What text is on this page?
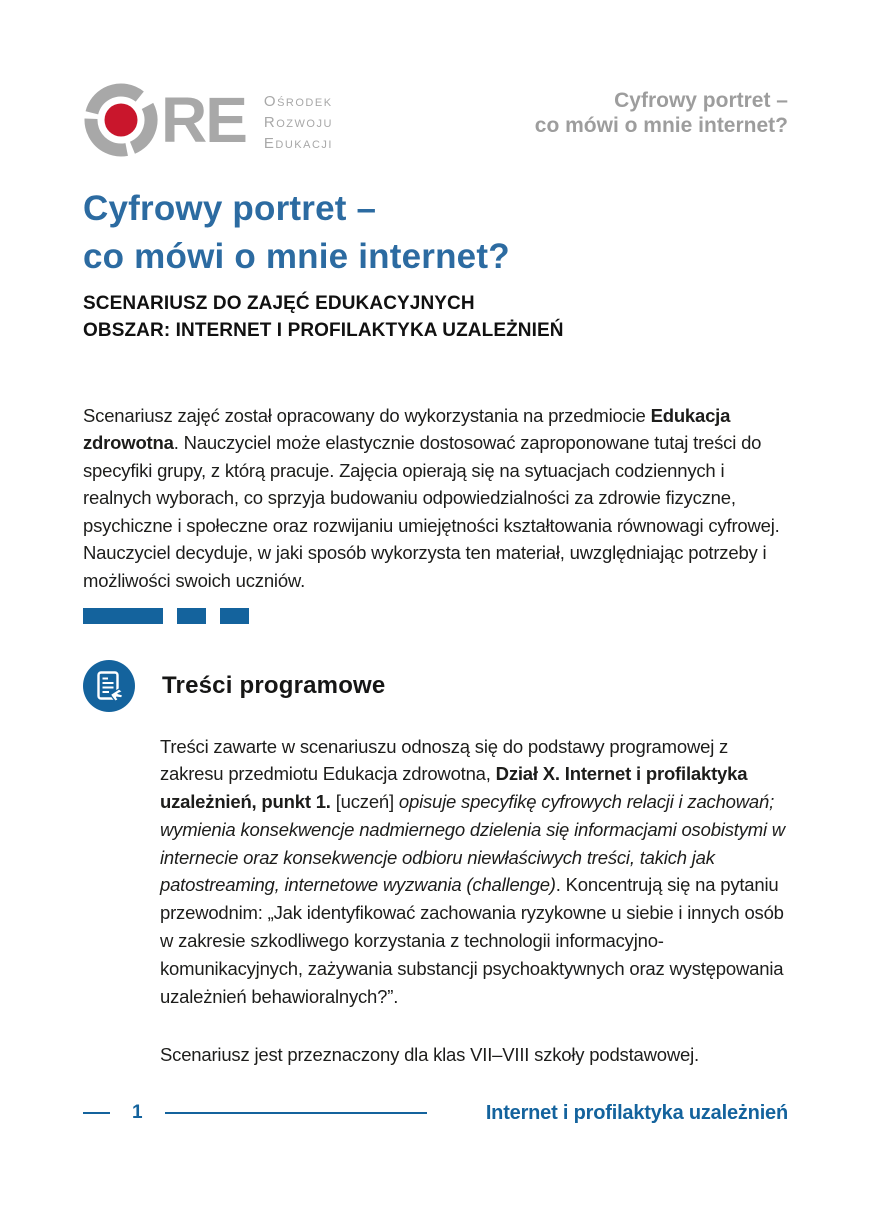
RE Ośrodek
Rozwoju
Edukacji
Cyfrowy portret –
co mówi o mnie internet?
Cyfrowy portret –
co mówi o mnie internet?
SCENARIUSZ DO ZAJĘĆ EDUKACYJNYCH
OBSZAR: INTERNET I PROFILAKTYKA UZALEŻNIEŃ

Scenariusz zajęć został opracowany do wykorzystania na przedmiocie Edukacja zdrowotna. Nauczyciel może elastycznie dostosować zaproponowane tutaj treści do specyfiki grupy, z którą pracuje. Zajęcia opierają się na sytuacjach codziennych i realnych wyborach, co sprzyja budowaniu odpowiedzialności za zdrowie fizyczne, psychiczne i społeczne oraz rozwijaniu umiejętności kształtowania równowagi cyfrowej. Nauczyciel decyduje, w jaki sposób wykorzysta ten materiał, uwzględniając potrzeby i możliwości swoich uczniów.

Treści programowe

Treści zawarte w scenariuszu odnoszą się do podstawy programowej z zakresu przedmiotu Edukacja zdrowotna, Dział X. Internet i profilaktyka uzależnień, punkt 1. [uczeń] opisuje specyfikę cyfrowych relacji i zachowań; wymienia konsekwencje nadmiernego dzielenia się informacjami osobistymi w internecie oraz konsekwencje odbioru niewłaściwych treści, takich jak patostreaming, internetowe wyzwania (challenge). Koncentrują się na pytaniu przewodnim: „Jak identyfikować zachowania ryzykowne u siebie i innych osób w zakresie szkodliwego korzystania z technologii informacyjno-komunikacyjnych, zażywania substancji psychoaktywnych oraz występowania uzależnień behawioralnych?”.

Scenariusz jest przeznaczony dla klas VII–VIII szkoły podstawowej.

1	Internet i profilaktyka uzależnień
